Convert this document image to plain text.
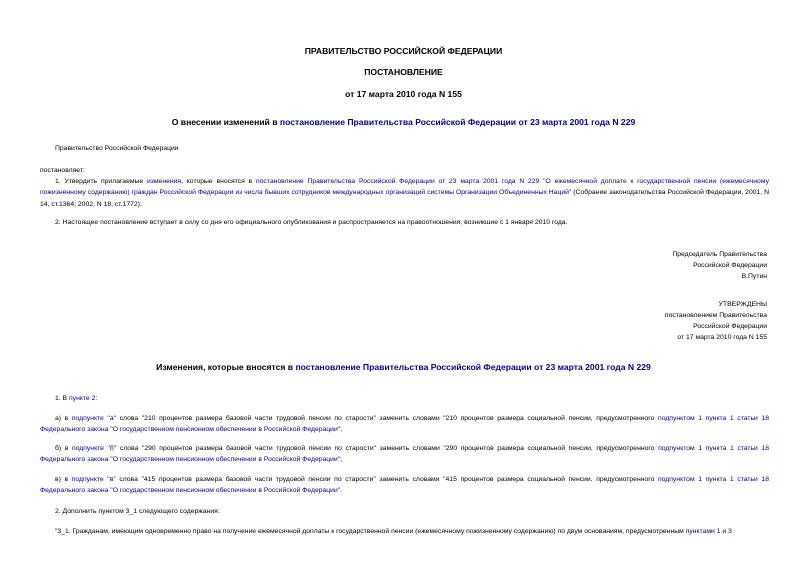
ПРАВИТЕЛЬСТВО РОССИЙСКОЙ ФЕДЕРАЦИИ
ПОСТАНОВЛЕНИЕ
от 17 марта 2010 года N 155
О внесении изменений в постановление Правительства Российской Федерации от 23 марта 2001 года N 229
Правительство Российской Федерации
постановляет:
1. Утвердить прилагаемые изменения, которые вносятся в постановление Правительства Российской Федерации от 23 марта 2001 года N 229 "О ежемесячной доплате к государственной пенсии (ежемесячному пожизненному содержанию) граждан Российской Федерации из числа бывших сотрудников международных организаций системы Организации Объединенных Наций" (Собрание законодательства Российской Федерации, 2001, N 14, ст.1364; 2002, N 18, ст.1772).
2. Настоящее постановление вступает в силу со дня его официального опубликования и распространяется на правоотношения, возникшие с 1 января 2010 года.
Председатель Правительства
Российской Федерации
В.Путин
УТВЕРЖДЕНЫ
постановлением Правительства
Российской Федерации
от 17 марта 2010 года N 155
Изменения, которые вносятся в постановление Правительства Российской Федерации от 23 марта 2001 года N 229
1. В пункте 2:
а) в подпункте "а" слова "210 процентов размера базовой части трудовой пенсии по старости" заменить словами "210 процентов размера социальной пенсии, предусмотренного подпунктом 1 пункта 1 статьи 18 Федерального закона "О государственном пенсионном обеспечении в Российской Федерации";
б) в подпункте "б" слова "290 процентов размера базовой части трудовой пенсии по старости" заменить словами "290 процентов размера социальной пенсии, предусмотренного подпунктом 1 пункта 1 статьи 18 Федерального закона "О государственном пенсионном обеспечении в Российской Федерации";
в) в подпункте "в" слова "415 процентов размера базовой части трудовой пенсии по старости" заменить словами "415 процентов размера социальной пенсии, предусмотренного подпунктом 1 пункта 1 статьи 18 Федерального закона "О государственном пенсионном обеспечении в Российской Федерации".
2. Дополнить пунктом 3_1 следующего содержания:
"3_1. Гражданам, имеющим одновременно право на получение ежемесячной доплаты к государственной пенсии (ежемесячному пожизненному содержанию) по двум основаниям, предусмотренным пунктами 1 и 3
